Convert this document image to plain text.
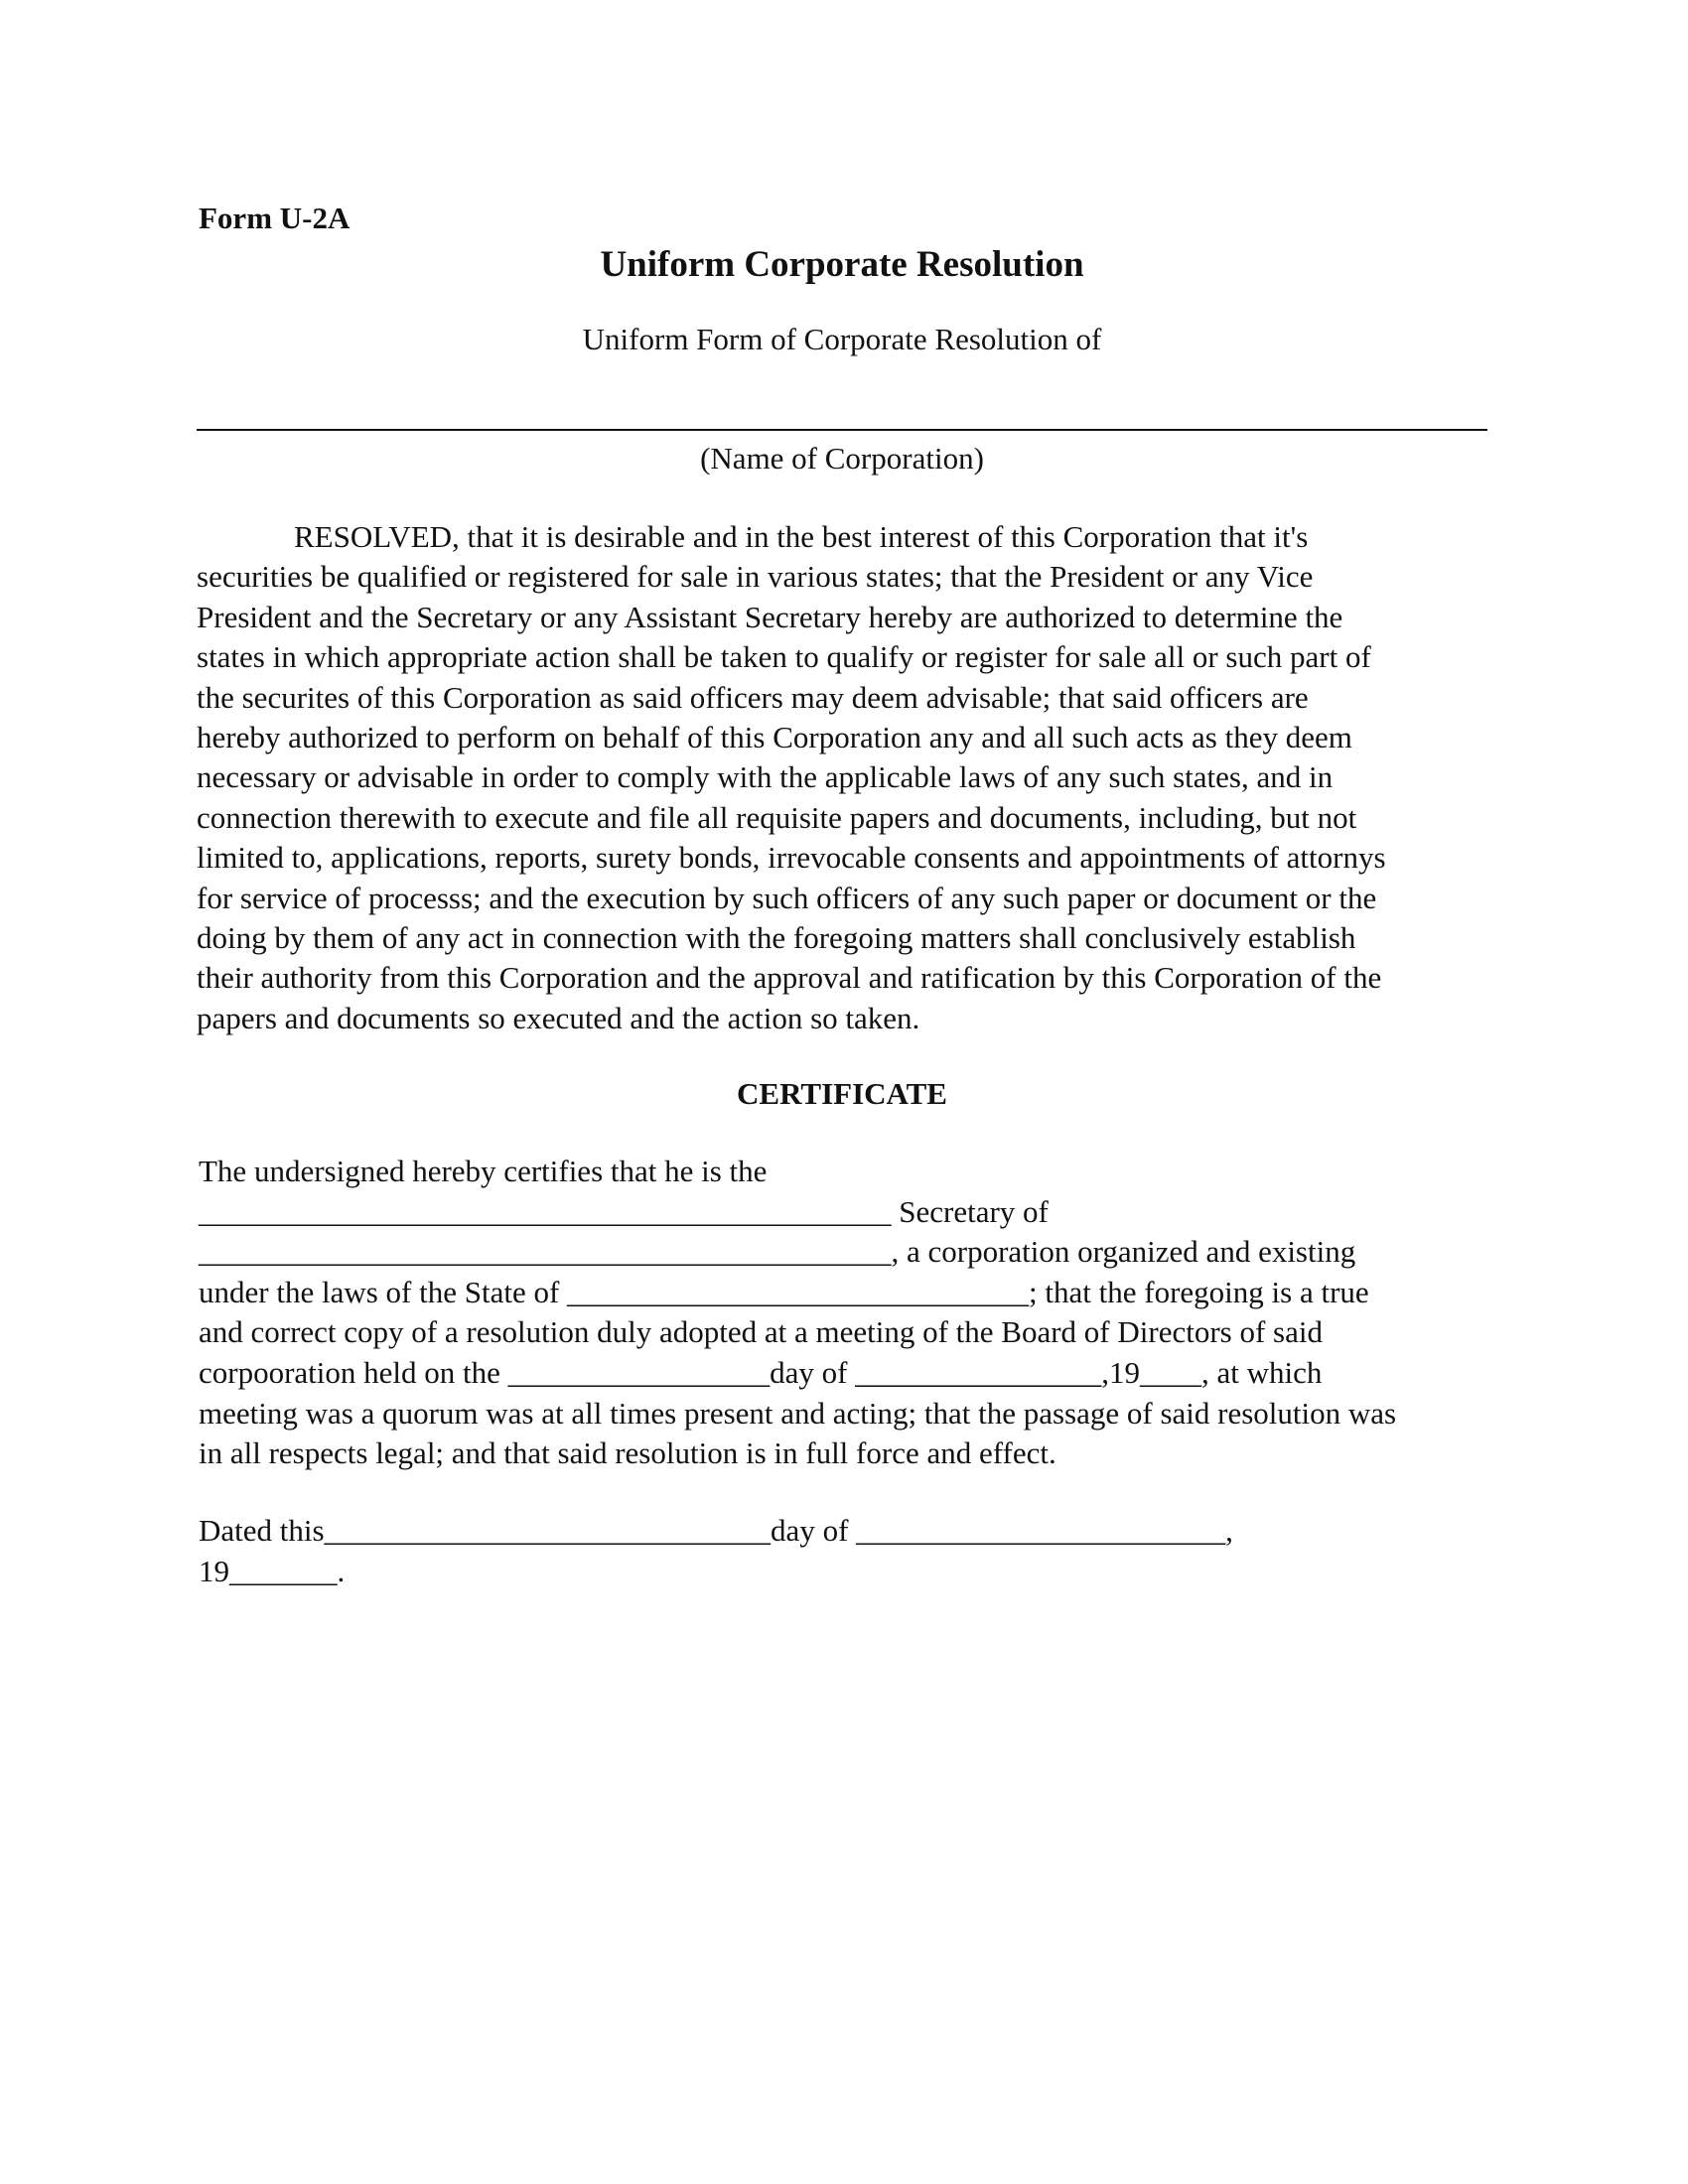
Form U-2A
Uniform Corporate Resolution
Uniform Form of Corporate Resolution of
(Name of Corporation)
RESOLVED, that it is desirable and in the best interest of this Corporation that it's
securities be qualified or registered for sale in various states; that the President or any Vice
President and the Secretary or any Assistant Secretary hereby are authorized to determine the
states in which appropriate action shall be taken to qualify or register for sale all or such part of
the securites of this Corporation as said officers may deem advisable; that said officers are
hereby authorized to perform on behalf of this Corporation any and all such acts as they deem
necessary or advisable in order to comply with the applicable laws of any such states, and in
connection therewith to execute and file all requisite papers and documents, including, but not
limited to, applications, reports, surety bonds, irrevocable consents and appointments of attornys
for service of processs; and the execution by such officers of any such paper or document or the
doing by them of any act in connection with the foregoing matters shall conclusively establish
their authority from this Corporation and the approval and ratification by this Corporation of the
papers and documents so executed and the action so taken.
CERTIFICATE
The undersigned hereby certifies that he is the
_____________________________________________ Secretary of
_____________________________________________, a corporation organized and existing
under the laws of the State of ______________________________; that the foregoing is a true
and correct copy of a resolution duly adopted at a meeting of the Board of Directors of said
corpooration held on the _________________day of ________________,19____, at which
meeting was a quorum was at all times present and acting; that the passage of said resolution was
in all respects legal; and that said resolution is in full force and effect.
Dated this_____________________________day of ________________________,
19_______.
